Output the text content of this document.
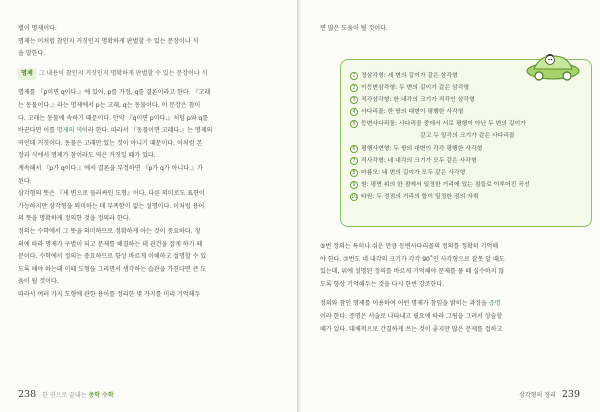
별이 명제이다.

명제는 이처럼 참인지 거짓인지 명확하게 판별할 수 있는 문장이나 식

을 말한다.

명제 그 내용이 참인지 거짓인지 명확하게 판별할 수 있는 문장이나 식

명제를 『p이면 q이다.』에 있어, p를 가정, q를 결론이라고 한다. 『고래

는 동물이다.』라는 명제에서 p는 고래, q는 동물이다. 이 문장은 참이

다. 고래는 동물에 속하기 때문이다. 만약 『q이면 p이다.』처럼 p와 q를

바꾼다면 이를 명제의 역이라 한다. 따라서 『동물이면 고래다.』는 명제의

역인데 거짓이다. 동물은 고래만 있는 것이 아니기 때문이다. 이처럼 본

장과 식에서 명제가 참이라도 역은 거짓일 때가 있다.

계속해서 『p가 q이다.』에서 결론을 부정하면 『p가 q가 아니다.』가

된다.

삼각형의 뜻은 『세 변으로 둘러싸인 도형』이다. 다른 의미로도 표현이

가능하지만 삼각형을 의미하는 데 부족함이 없는 설명이다. 이처럼 용어

의 뜻을 명확하게 정의한 것을 정의라 한다.

정의는 수학에서 그 뜻을 의미하므로 정확하게 아는 것이 중요하다. 정

의에 따라 명제가 구별이 되고 문제를 해결하는 데 관건을 잡게 하기 때

문이다. 수학에서 정의는 중요하므로 항상 바르게 이해하고 설명할 수 있

도록 해야 하는데 이때 도형을 그리면서 생각하는 습관을 가진다면 큰 도

움이 될 것이다.

따라서 여러 가지 도형에 관한 용어를 정리한 몇 가지를 미리 기억해두

238 한 권으로 끝내는 중학 수학

면 많은 도움이 될 것이다.

1 정삼각형: 세 변의 길이가 같은 삼각형
2 이등변삼각형: 두 변의 길이가 같은 삼각형
3 직각삼각형: 한 내각의 크기가 직각인 삼각형
4 사다리꼴: 한 쌍의 대변이 평행한 사각형
5 등변사다리꼴: 사다리꼴 중에서 서로 평행이 아닌 두 변의 길이가
같고 두 밑각의 크기가 같은 사다리꼴
6 평행사변형: 두 쌍의 대변이 각각 평행한 사각형
7 직사각형: 네 내각의 크기가 모두 같은 사각형
8 마름모: 네 변의 길이가 모두 같은 사각형
9 원: 평면 위의 한 점에서 일정한 거리에 있는 점들로 이루어진 곡선
10 타원: 두 정점의 거리의 합이 일정한 점의 자취

⑤번 정의는 특히나 쉬운 만큼 등변사다리꼴의 정의를 정확히 기억해

야 한다. ⑦번도 네 내각의 크기가 각각 90˚인 사각형으로 잘못 알 때도

있는데, 위에 설명된 정의를 바르게 기억해야 문제를 풀 때 실수하지 않

도록 항상 기억해두는 것을 다시 한번 강조한다.

정의와 참인 명제를 이용하여 어떤 명제가 참임을 밝히는 과정을 증명

이라 한다. 증명은 서술로 나타내고 필요에 따라 그림을 그려서 상술할

때가 있다. 대체적으로 간결하게 쓰는 것이 좋지만 많은 문제를 접하고

삼각형의 정리 239
